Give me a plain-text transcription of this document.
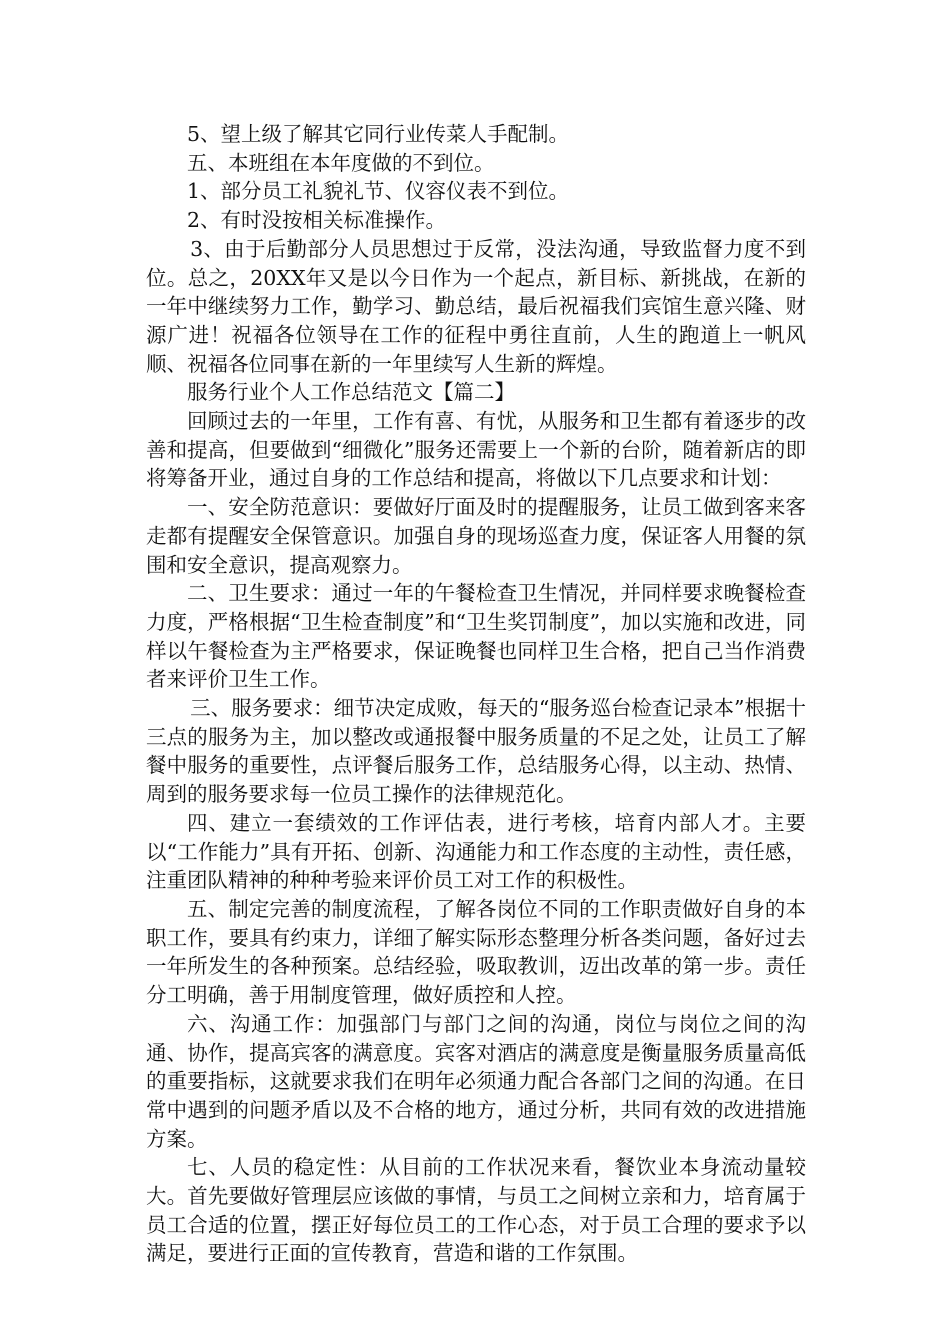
5、望上级了解其它同行业传菜人手配制。

五、本班组在本年度做的不到位。

1、部分员工礼貌礼节、仪容仪表不到位。

2、有时没按相关标准操作。

3、由于后勤部分人员思想过于反常，没法沟通，导致监督力度不到位。总之，20XX年又是以今日作为一个起点，新目标、新挑战，在新的一年中继续努力工作，勤学习、勤总结，最后祝福我们宾馆生意兴隆、财源广进！祝福各位领导在工作的征程中勇往直前，人生的跑道上一帆风顺、祝福各位同事在新的一年里续写人生新的辉煌。

服务行业个人工作总结范文【篇二】

回顾过去的一年里，工作有喜、有忧，从服务和卫生都有着逐步的改善和提高，但要做到“细微化”服务还需要上一个新的台阶，随着新店的即将筹备开业，通过自身的工作总结和提高，将做以下几点要求和计划：

一、安全防范意识：要做好厅面及时的提醒服务，让员工做到客来客走都有提醒安全保管意识。加强自身的现场巡查力度，保证客人用餐的氛围和安全意识，提高观察力。

二、卫生要求：通过一年的午餐检查卫生情况，并同样要求晚餐检查力度，严格根据“卫生检查制度”和“卫生奖罚制度”，加以实施和改进，同样以午餐检查为主严格要求，保证晚餐也同样卫生合格，把自己当作消费者来评价卫生工作。

三、服务要求：细节决定成败，每天的“服务巡台检查记录本”根据十三点的服务为主，加以整改或通报餐中服务质量的不足之处，让员工了解餐中服务的重要性，点评餐后服务工作，总结服务心得，以主动、热情、周到的服务要求每一位员工操作的法律规范化。

四、建立一套绩效的工作评估表，进行考核，培育内部人才。主要以“工作能力”具有开拓、创新、沟通能力和工作态度的主动性，责任感，注重团队精神的种种考验来评价员工对工作的积极性。

五、制定完善的制度流程，了解各岗位不同的工作职责做好自身的本职工作，要具有约束力，详细了解实际形态整理分析各类问题，备好过去一年所发生的各种预案。总结经验，吸取教训，迈出改革的第一步。责任分工明确，善于用制度管理，做好质控和人控。

六、沟通工作：加强部门与部门之间的沟通，岗位与岗位之间的沟通、协作，提高宾客的满意度。宾客对酒店的满意度是衡量服务质量高低的重要指标，这就要求我们在明年必须通力配合各部门之间的沟通。在日常中遇到的问题矛盾以及不合格的地方，通过分析，共同有效的改进措施方案。

七、人员的稳定性：从目前的工作状况来看，餐饮业本身流动量较大。首先要做好管理层应该做的事情，与员工之间树立亲和力，培育属于员工合适的位置，摆正好每位员工的工作心态，对于员工合理的要求予以满足，要进行正面的宣传教育，营造和谐的工作氛围。
